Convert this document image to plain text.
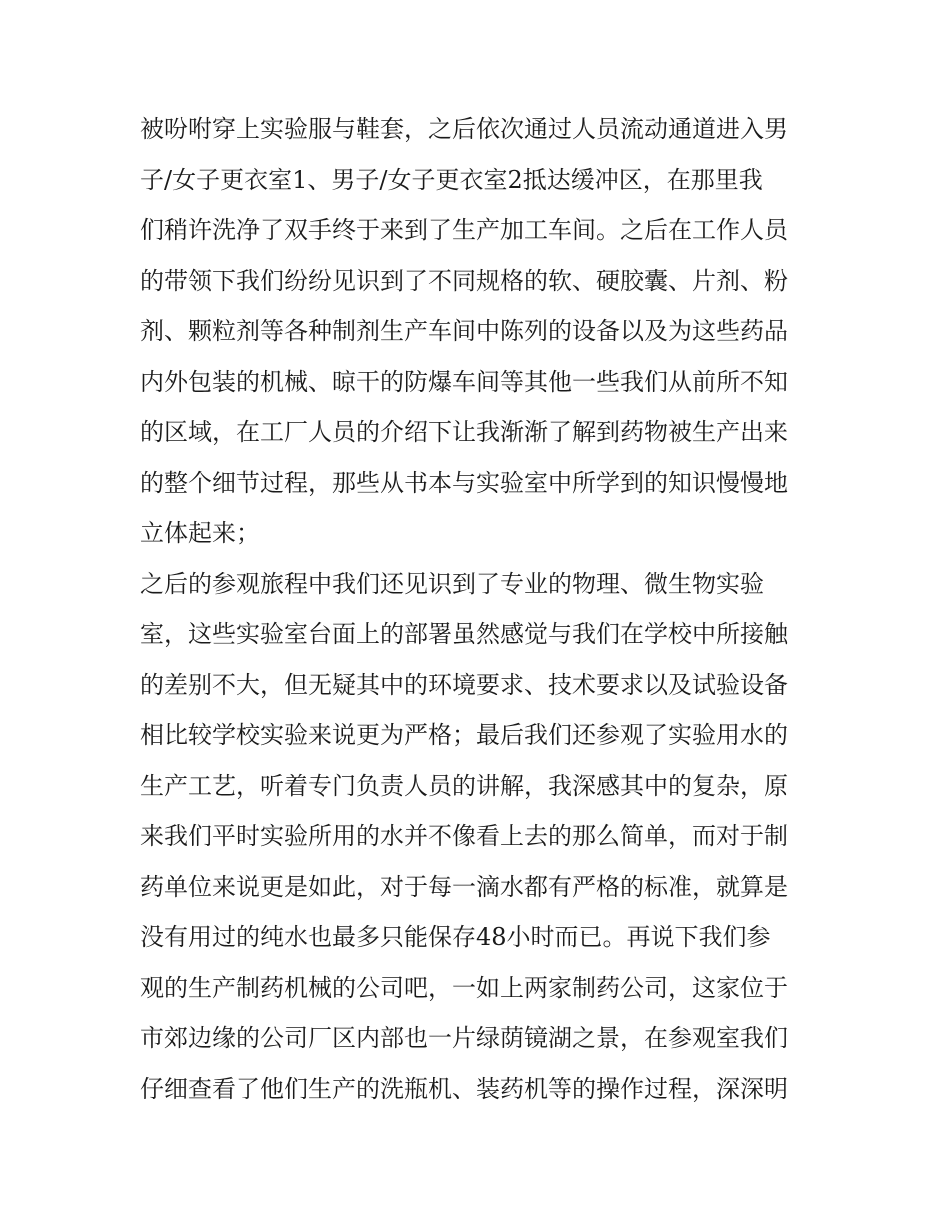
被吩咐穿上实验服与鞋套，之后依次通过人员流动通道进入男
子/女子更衣室1、男子/女子更衣室2抵达缓冲区，在那里我
们稍许洗净了双手终于来到了生产加工车间。之后在工作人员
的带领下我们纷纷见识到了不同规格的软、硬胶囊、片剂、粉
剂、颗粒剂等各种制剂生产车间中陈列的设备以及为这些药品
内外包装的机械、晾干的防爆车间等其他一些我们从前所不知
的区域，在工厂人员的介绍下让我渐渐了解到药物被生产出来
的整个细节过程，那些从书本与实验室中所学到的知识慢慢地
立体起来；
之后的参观旅程中我们还见识到了专业的物理、微生物实验
室，这些实验室台面上的部署虽然感觉与我们在学校中所接触
的差别不大，但无疑其中的环境要求、技术要求以及试验设备
相比较学校实验来说更为严格；最后我们还参观了实验用水的
生产工艺，听着专门负责人员的讲解，我深感其中的复杂，原
来我们平时实验所用的水并不像看上去的那么简单，而对于制
药单位来说更是如此，对于每一滴水都有严格的标准，就算是
没有用过的纯水也最多只能保存48小时而已。再说下我们参
观的生产制药机械的公司吧，一如上两家制药公司，这家位于
市郊边缘的公司厂区内部也一片绿荫镜湖之景，在参观室我们
仔细查看了他们生产的洗瓶机、装药机等的操作过程，深深明
